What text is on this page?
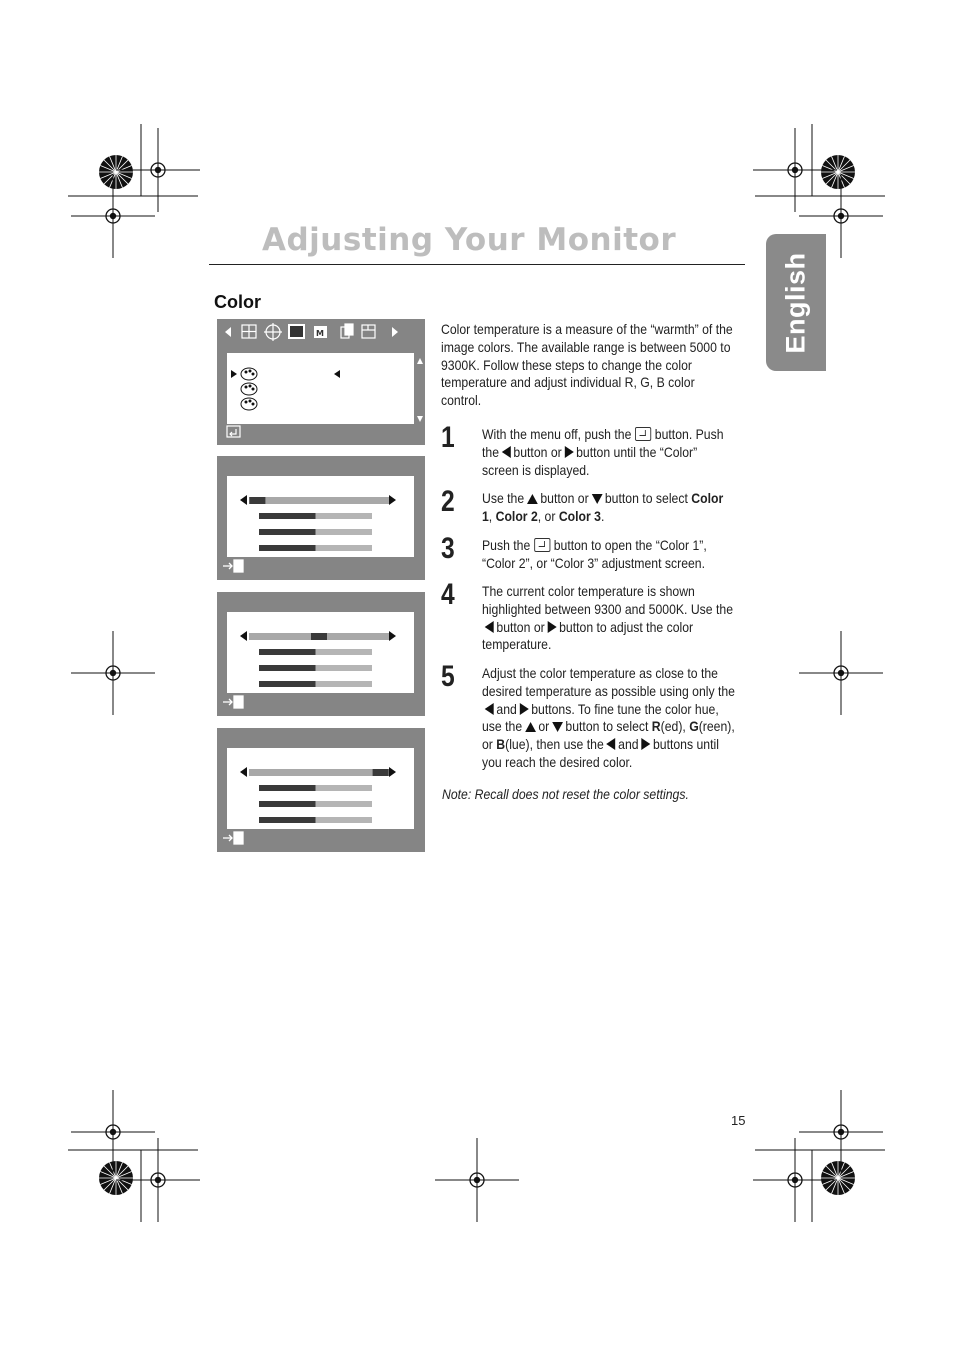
Adjusting Your Monitor
English
Color
M	Color temperature is a measure of the “warmth” of the image colors. The available range is between 5000 to 9300K. Follow these steps to change the color temperature and adjust individual R, G, B color control.
1 With the menu off, push the button. Push the button or button until the “Color” screen is displayed.
2 Use the button or button to select Color 1, Color 2, or Color 3.
3 Push the button to open the “Color 1”, “Color 2”, or “Color 3” adjustment screen.
4 The current color temperature is shown highlighted between 9300 and 5000K. Use thebutton or button to adjust the color temperature.
5 Adjust the color temperature as close to the desired temperature as possible using only theand buttons. To fine tune the color hue, use the or button to select R(ed), G(reen), or B(lue), then use the and buttons until you reach the desired color.
Note: Recall does not reset the color settings.
15
